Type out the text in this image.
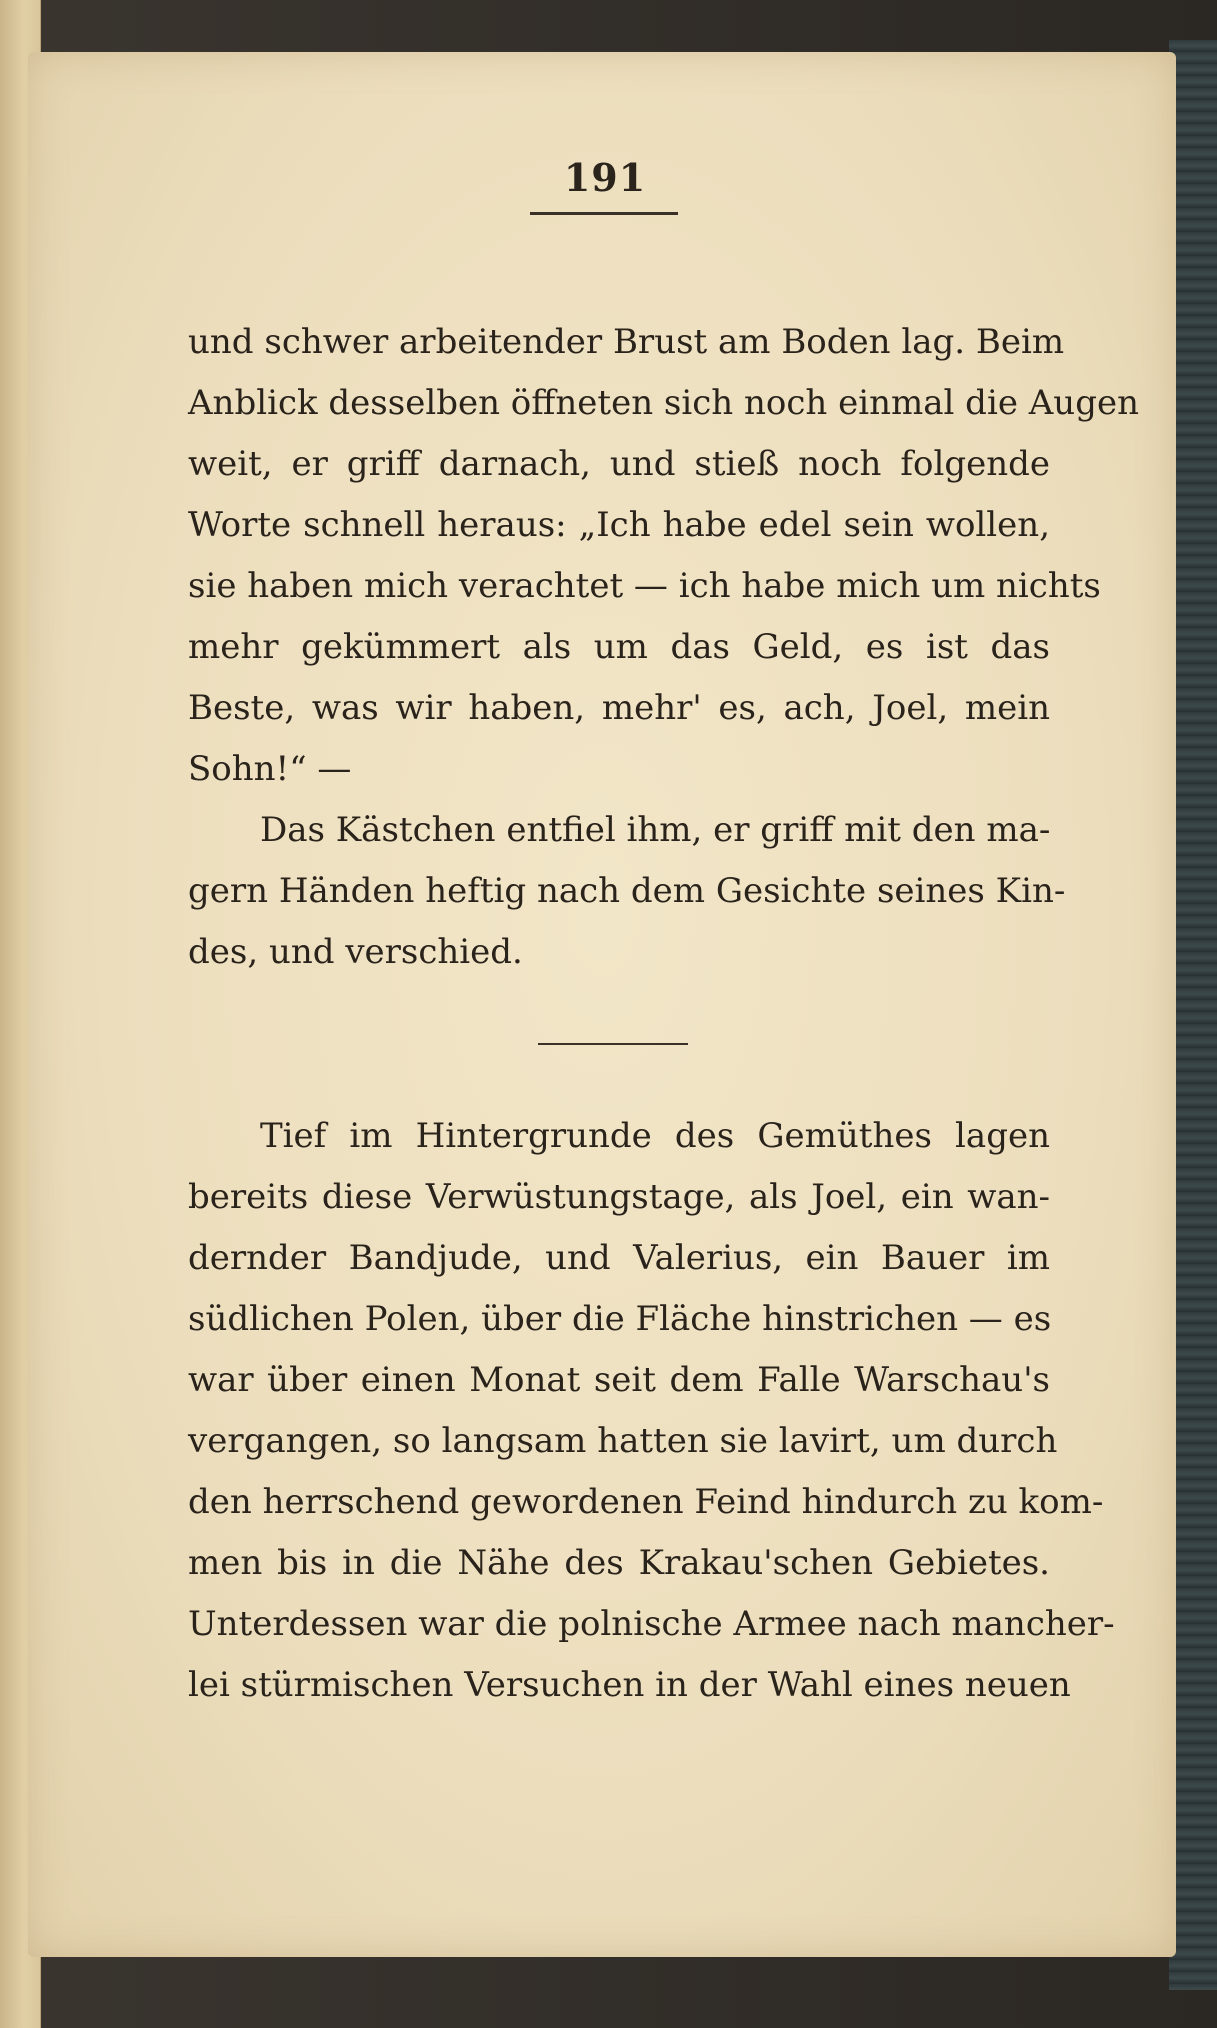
191
und schwer arbeitender Brust am Boden lag. Beim
Anblick desselben öffneten sich noch einmal die Augen
weit, er griff darnach, und stieß noch folgende
Worte schnell heraus: „Ich habe edel sein wollen,
sie haben mich verachtet — ich habe mich um nichts
mehr gekümmert als um das Geld, es ist das
Beste, was wir haben, mehr' es, ach, Joel, mein
Sohn!“ —
Das Kästchen entfiel ihm, er griff mit den ma-
gern Händen heftig nach dem Gesichte seines Kin-
des, und verschied.
Tief im Hintergrunde des Gemüthes lagen
bereits diese Verwüstungstage, als Joel, ein wan-
dernder Bandjude, und Valerius, ein Bauer im
südlichen Polen, über die Fläche hinstrichen — es
war über einen Monat seit dem Falle Warschau's
vergangen, so langsam hatten sie lavirt, um durch
den herrschend gewordenen Feind hindurch zu kom-
men bis in die Nähe des Krakau'schen Gebietes.
Unterdessen war die polnische Armee nach mancher-
lei stürmischen Versuchen in der Wahl eines neuen
